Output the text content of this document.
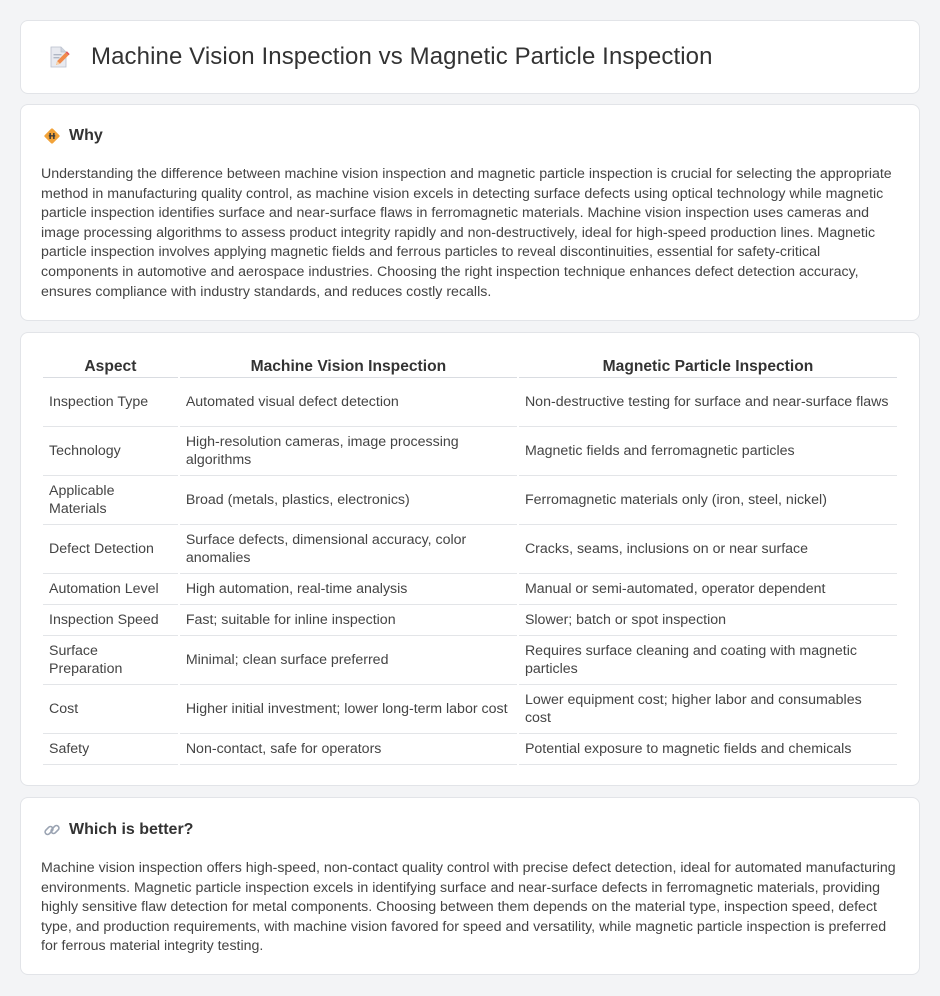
Machine Vision Inspection vs Magnetic Particle Inspection
Why

Understanding the difference between machine vision inspection and magnetic particle inspection is crucial for selecting the appropriate method in manufacturing quality control, as machine vision excels in detecting surface defects using optical technology while magnetic particle inspection identifies surface and near-surface flaws in ferromagnetic materials. Machine vision inspection uses cameras and image processing algorithms to assess product integrity rapidly and non-destructively, ideal for high-speed production lines. Magnetic particle inspection involves applying magnetic fields and ferrous particles to reveal discontinuities, essential for safety-critical components in automotive and aerospace industries. Choosing the right inspection technique enhances defect detection accuracy, ensures compliance with industry standards, and reduces costly recalls.

Aspect	Machine Vision Inspection	Magnetic Particle Inspection
Inspection Type	Automated visual defect detection	Non-destructive testing for surface and near-surface flaws
Technology	High-resolution cameras, image processing algorithms	Magnetic fields and ferromagnetic particles
Applicable Materials	Broad (metals, plastics, electronics)	Ferromagnetic materials only (iron, steel, nickel)
Defect Detection	Surface defects, dimensional accuracy, color anomalies	Cracks, seams, inclusions on or near surface
Automation Level	High automation, real-time analysis	Manual or semi-automated, operator dependent
Inspection Speed	Fast; suitable for inline inspection	Slower; batch or spot inspection
Surface Preparation	Minimal; clean surface preferred	Requires surface cleaning and coating with magnetic particles
Cost	Higher initial investment; lower long-term labor cost	Lower equipment cost; higher labor and consumables cost
Safety	Non-contact, safe for operators	Potential exposure to magnetic fields and chemicals
Which is better?

Machine vision inspection offers high-speed, non-contact quality control with precise defect detection, ideal for automated manufacturing environments. Magnetic particle inspection excels in identifying surface and near-surface defects in ferromagnetic materials, providing highly sensitive flaw detection for metal components. Choosing between them depends on the material type, inspection speed, defect type, and production requirements, with machine vision favored for speed and versatility, while magnetic particle inspection is preferred for ferrous material integrity testing.
